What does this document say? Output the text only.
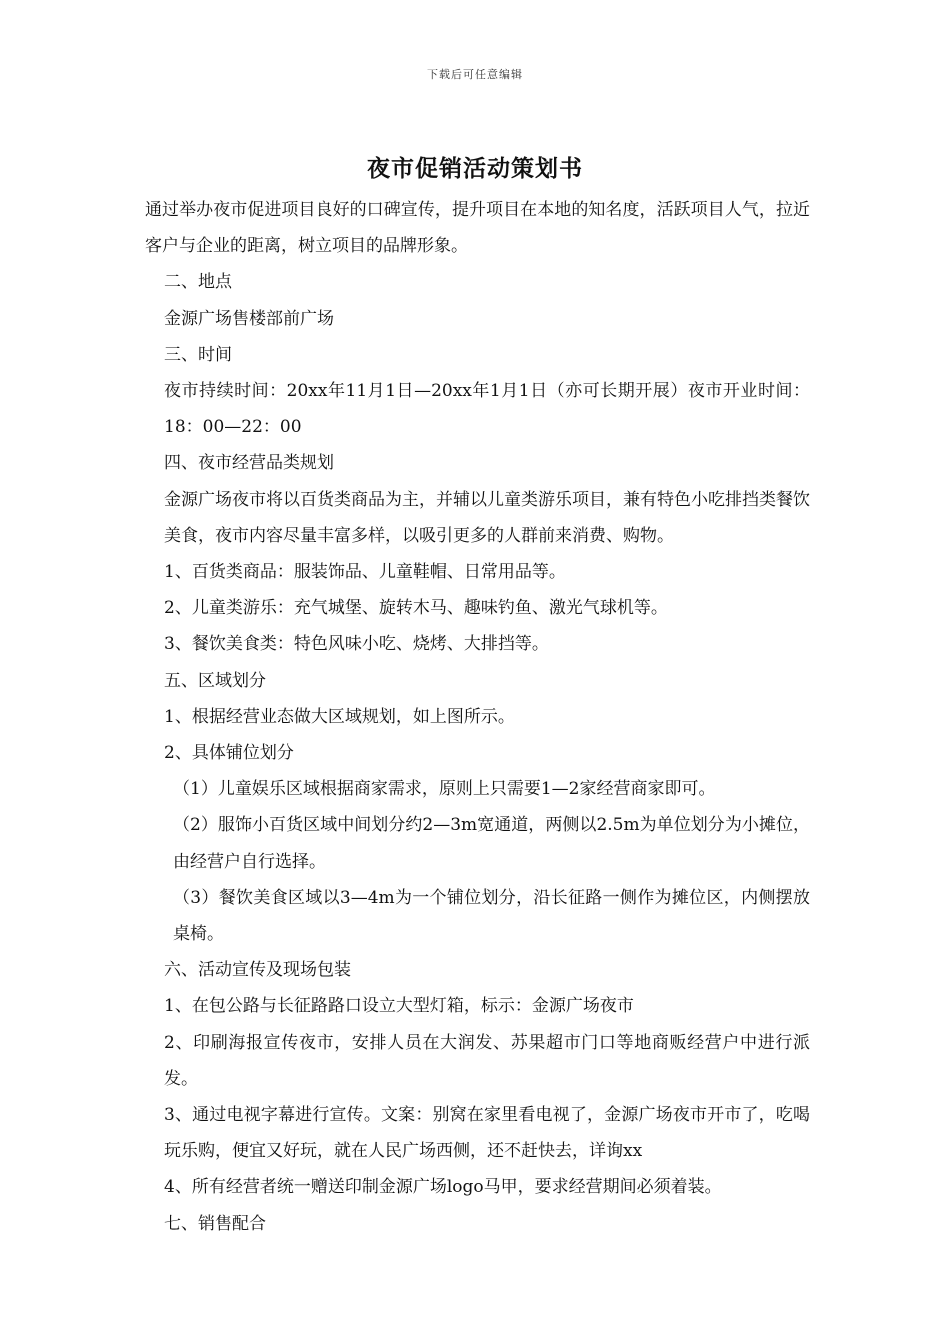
下载后可任意编辑
夜市促销活动策划书

通过举办夜市促进项目良好的口碑宣传，提升项目在本地的知名度，活跃项目人气，拉近客户与企业的距离，树立项目的品牌形象。

二、地点

金源广场售楼部前广场

三、时间

夜市持续时间：20xx年11月1日—20xx年1月1日（亦可长期开展）夜市开业时间：18：00—22：00

四、夜市经营品类规划

金源广场夜市将以百货类商品为主，并辅以儿童类游乐项目，兼有特色小吃排挡类餐饮美食，夜市内容尽量丰富多样，以吸引更多的人群前来消费、购物。

1、百货类商品：服装饰品、儿童鞋帽、日常用品等。

2、儿童类游乐：充气城堡、旋转木马、趣味钓鱼、激光气球机等。

3、餐饮美食类：特色风味小吃、烧烤、大排挡等。

五、区域划分

1、根据经营业态做大区域规划，如上图所示。

2、具体铺位划分

（1）儿童娱乐区域根据商家需求，原则上只需要1—2家经营商家即可。

（2）服饰小百货区域中间划分约2—3m宽通道，两侧以2.5m为单位划分为小摊位，由经营户自行选择。

（3）餐饮美食区域以3—4m为一个铺位划分，沿长征路一侧作为摊位区，内侧摆放桌椅。

六、活动宣传及现场包装

1、在包公路与长征路路口设立大型灯箱，标示：金源广场夜市

2、印刷海报宣传夜市，安排人员在大润发、苏果超市门口等地商贩经营户中进行派发。

3、通过电视字幕进行宣传。文案：别窝在家里看电视了，金源广场夜市开市了，吃喝玩乐购，便宜又好玩，就在人民广场西侧，还不赶快去，详询xx

4、所有经营者统一赠送印制金源广场logo马甲，要求经营期间必须着装。

七、销售配合
